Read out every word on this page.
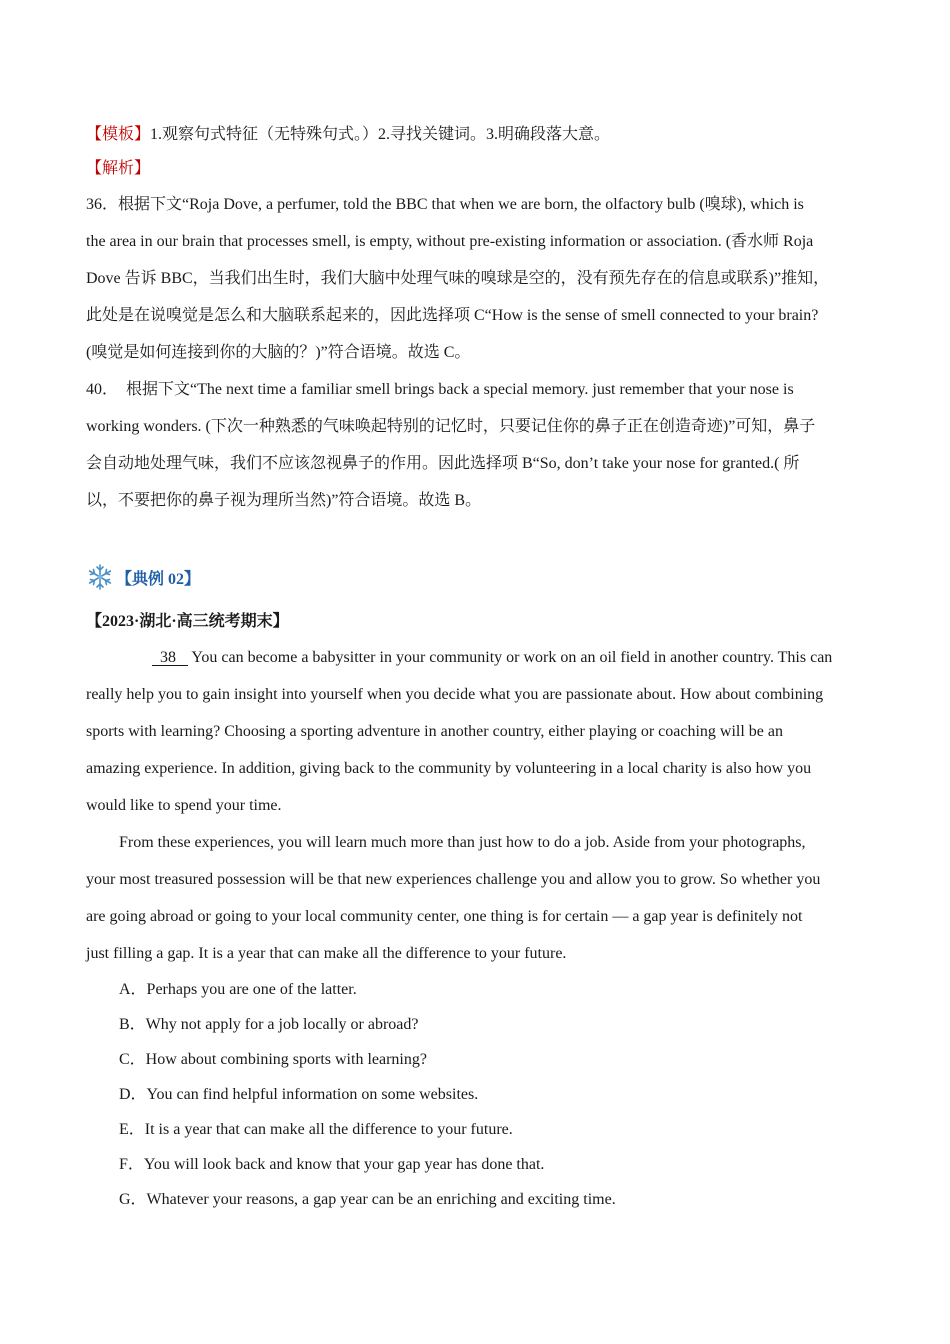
【模板】1.观察句式特征（无特殊句式。）2.寻找关键词。3.明确段落大意。

【解析】

36．根据下文“Roja Dove, a perfumer, told the BBC that when we are born, the olfactory bulb (嗅球), which is

the area in our brain that processes smell, is empty, without pre-existing information or association. (香水师 Roja

Dove 告诉 BBC，当我们出生时，我们大脑中处理气味的嗅球是空的，没有预先存在的信息或联系)”推知，

此处是在说嗅觉是怎么和大脑联系起来的，因此选择项 C“How is the sense of smell connected to your brain?

(嗅觉是如何连接到你的大脑的？)”符合语境。故选 C。

40．  根据下文“The next time a familiar smell brings back a special memory. just remember that your nose is

working wonders. (下次一种熟悉的气味唤起特别的记忆时，只要记住你的鼻子正在创造奇迹)”可知，鼻子

会自动地处理气味，我们不应该忽视鼻子的作用。因此选择项 B“So, don’t take your nose for granted.( 所

以，不要把你的鼻子视为理所当然)”符合语境。故选 B。

【典例 02】

【2023·湖北·高三统考期末】

38    You can become a babysitter in your community or work on an oil field in another country. This can

really help you to gain insight into yourself when you decide what you are passionate about. How about combining

sports with learning? Choosing a sporting adventure in another country, either playing or coaching will be an

amazing experience. In addition, giving back to the community by volunteering in a local charity is also how you

would like to spend your time.

From these experiences, you will learn much more than just how to do a job. Aside from your photographs,

your most treasured possession will be that new experiences challenge you and allow you to grow. So whether you

are going abroad or going to your local community center, one thing is for certain — a gap year is definitely not

just filling a gap. It is a year that can make all the difference to your future.

A．Perhaps you are one of the latter.

B．Why not apply for a job locally or abroad?

C．How about combining sports with learning?

D．You can find helpful information on some websites.

E．It is a year that can make all the difference to your future.

F．You will look back and know that your gap year has done that.

G．Whatever your reasons, a gap year can be an enriching and exciting time.
